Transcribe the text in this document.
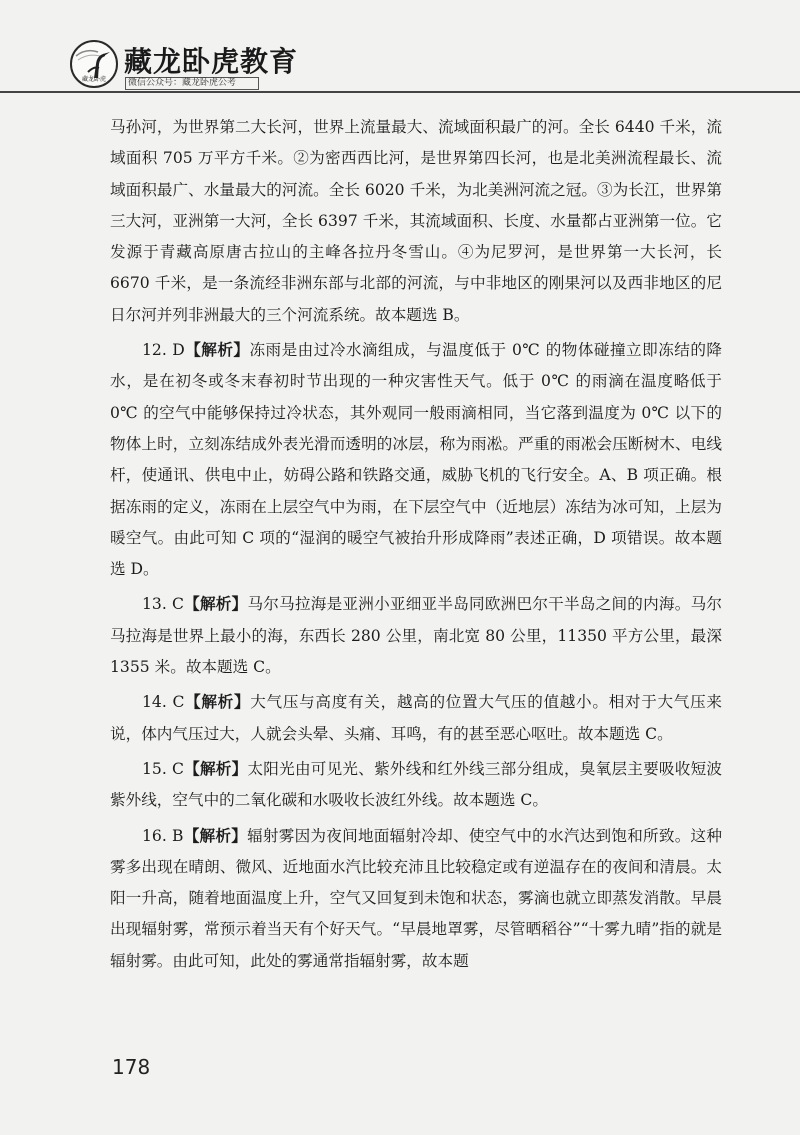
藏龙卧虎
藏龙卧虎教育
微信公众号：藏龙卧虎公考

马孙河，为世界第二大长河，世界上流量最大、流域面积最广的河。全长 6440 千米，流域面积 705 万平方千米。②为密西西比河，是世界第四长河，也是北美洲流程最长、流域面积最广、水量最大的河流。全长 6020 千米，为北美洲河流之冠。③为长江，世界第三大河，亚洲第一大河，全长 6397 千米，其流域面积、长度、水量都占亚洲第一位。它发源于青藏高原唐古拉山的主峰各拉丹冬雪山。④为尼罗河，是世界第一大长河，长 6670 千米，是一条流经非洲东部与北部的河流，与中非地区的刚果河以及西非地区的尼日尔河并列非洲最大的三个河流系统。故本题选 B。

12. D【解析】冻雨是由过冷水滴组成，与温度低于 0℃ 的物体碰撞立即冻结的降水，是在初冬或冬末春初时节出现的一种灾害性天气。低于 0℃ 的雨滴在温度略低于 0℃ 的空气中能够保持过冷状态，其外观同一般雨滴相同，当它落到温度为 0℃ 以下的物体上时，立刻冻结成外表光滑而透明的冰层，称为雨凇。严重的雨凇会压断树木、电线杆，使通讯、供电中止，妨碍公路和铁路交通，威胁飞机的飞行安全。A、B 项正确。根据冻雨的定义，冻雨在上层空气中为雨，在下层空气中（近地层）冻结为冰可知，上层为暖空气。由此可知 C 项的“湿润的暖空气被抬升形成降雨”表述正确，D 项错误。故本题选 D。

13. C【解析】马尔马拉海是亚洲小亚细亚半岛同欧洲巴尔干半岛之间的内海。马尔马拉海是世界上最小的海，东西长 280 公里，南北宽 80 公里，11350 平方公里，最深 1355 米。故本题选 C。

14. C【解析】大气压与高度有关，越高的位置大气压的值越小。相对于大气压来说，体内气压过大，人就会头晕、头痛、耳鸣，有的甚至恶心呕吐。故本题选 C。

15. C【解析】太阳光由可见光、紫外线和红外线三部分组成，臭氧层主要吸收短波紫外线，空气中的二氧化碳和水吸收长波红外线。故本题选 C。

16. B【解析】辐射雾因为夜间地面辐射冷却、使空气中的水汽达到饱和所致。这种雾多出现在晴朗、微风、近地面水汽比较充沛且比较稳定或有逆温存在的夜间和清晨。太阳一升高，随着地面温度上升，空气又回复到未饱和状态，雾滴也就立即蒸发消散。早晨出现辐射雾，常预示着当天有个好天气。“早晨地罩雾，尽管晒稻谷”“十雾九晴”指的就是辐射雾。由此可知，此处的雾通常指辐射雾，故本题

178
